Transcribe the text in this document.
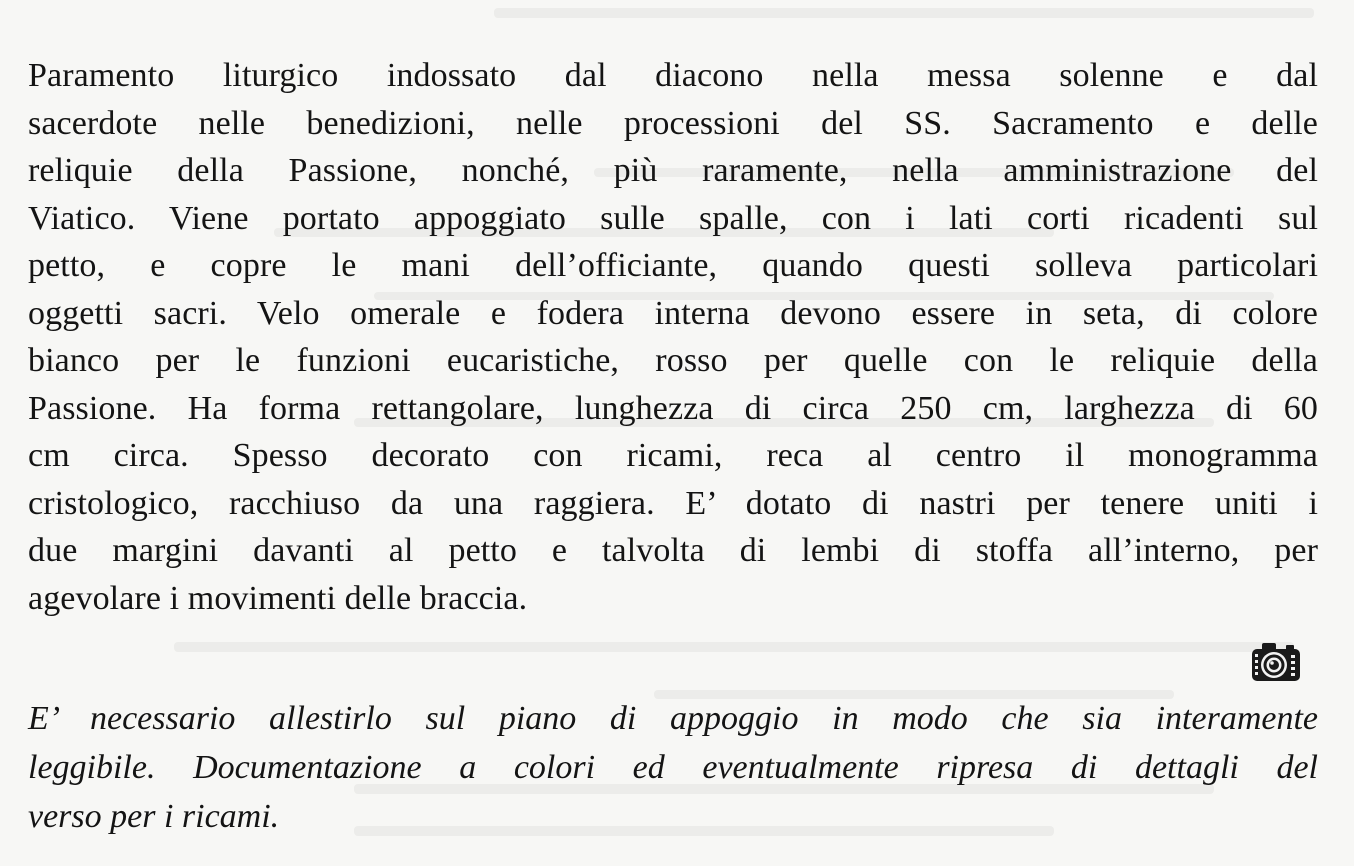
Paramento liturgico indossato dal diacono nella messa solenne e dal
sacerdote nelle benedizioni, nelle processioni del SS. Sacramento e delle
reliquie della Passione, nonché, più raramente, nella amministrazione del
Viatico. Viene portato appoggiato sulle spalle, con i lati corti ricadenti sul
petto, e copre le mani dell’officiante, quando questi solleva particolari
oggetti sacri. Velo omerale e fodera interna devono essere in seta, di colore
bianco per le funzioni eucaristiche, rosso per quelle con le reliquie della
Passione. Ha forma rettangolare, lunghezza di circa 250 cm, larghezza di 60
cm circa. Spesso decorato con ricami, reca al centro il monogramma
cristologico, racchiuso da una raggiera. E’ dotato di nastri per tenere uniti i
due margini davanti al petto e talvolta di lembi di stoffa all’interno, per
agevolare i movimenti delle braccia.
E’ necessario allestirlo sul piano di appoggio in modo che sia interamente
leggibile. Documentazione a colori ed eventualmente ripresa di dettagli del
verso per i ricami.
